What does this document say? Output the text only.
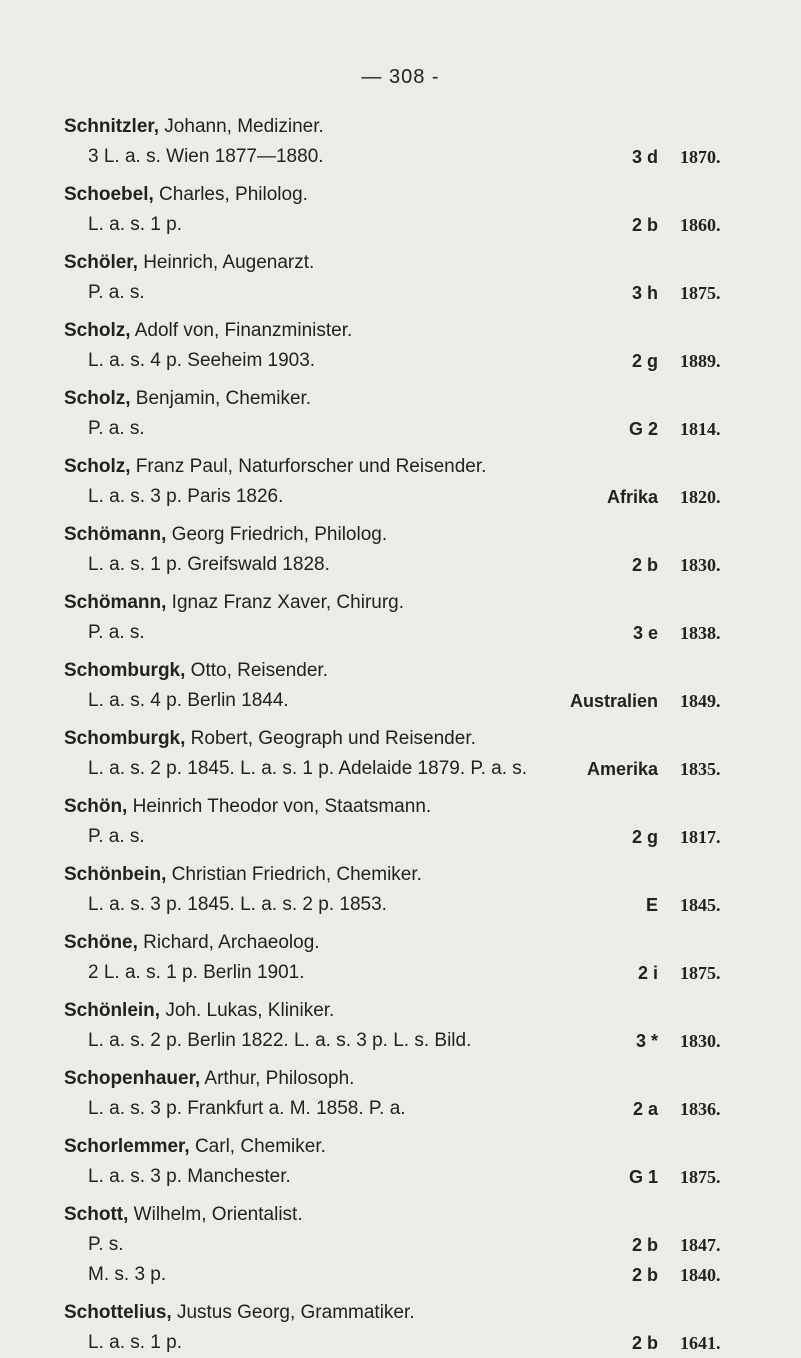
— 308 -
Schnitzler, Johann, Mediziner.
3 L. a. s. Wien 1877—1880.	3 d 1870.
Schoebel, Charles, Philolog.
L. a. s. 1 p.	2 b 1860.
Schöler, Heinrich, Augenarzt.
P. a. s.	3 h 1875.
Scholz, Adolf von, Finanzminister.
L. a. s. 4 p. Seeheim 1903.	2 g 1889.
Scholz, Benjamin, Chemiker.
P. a. s.	G 2 1814.
Scholz, Franz Paul, Naturforscher und Reisender.
L. a. s. 3 p. Paris 1826.	Afrika 1820.
Schömann, Georg Friedrich, Philolog.
L. a. s. 1 p. Greifswald 1828.	2 b 1830.
Schömann, Ignaz Franz Xaver, Chirurg.
P. a. s.	3 e 1838.
Schomburgk, Otto, Reisender.
L. a. s. 4 p. Berlin 1844.	Australien 1849.
Schomburgk, Robert, Geograph und Reisender.
L. a. s. 2 p. 1845. L. a. s. 1 p. Adelaide 1879. P. a. s.	Amerika 1835.
Schön, Heinrich Theodor von, Staatsmann.
P. a. s.	2 g 1817.
Schönbein, Christian Friedrich, Chemiker.
L. a. s. 3 p. 1845. L. a. s. 2 p. 1853.	E 1845.
Schöne, Richard, Archaeolog.
2 L. a. s. 1 p. Berlin 1901.	2 i 1875.
Schönlein, Joh. Lukas, Kliniker.
L. a. s. 2 p. Berlin 1822. L. a. s. 3 p. L. s. Bild.	3 * 1830.
Schopenhauer, Arthur, Philosoph.
L. a. s. 3 p. Frankfurt a. M. 1858. P. a.	2 a 1836.
Schorlemmer, Carl, Chemiker.
L. a. s. 3 p. Manchester.	G 1 1875.
Schott, Wilhelm, Orientalist.
P. s.	2 b 1847.
M. s. 3 p.	2 b 1840.
Schottelius, Justus Georg, Grammatiker.
L. a. s. 1 p.	2 b 1641.
